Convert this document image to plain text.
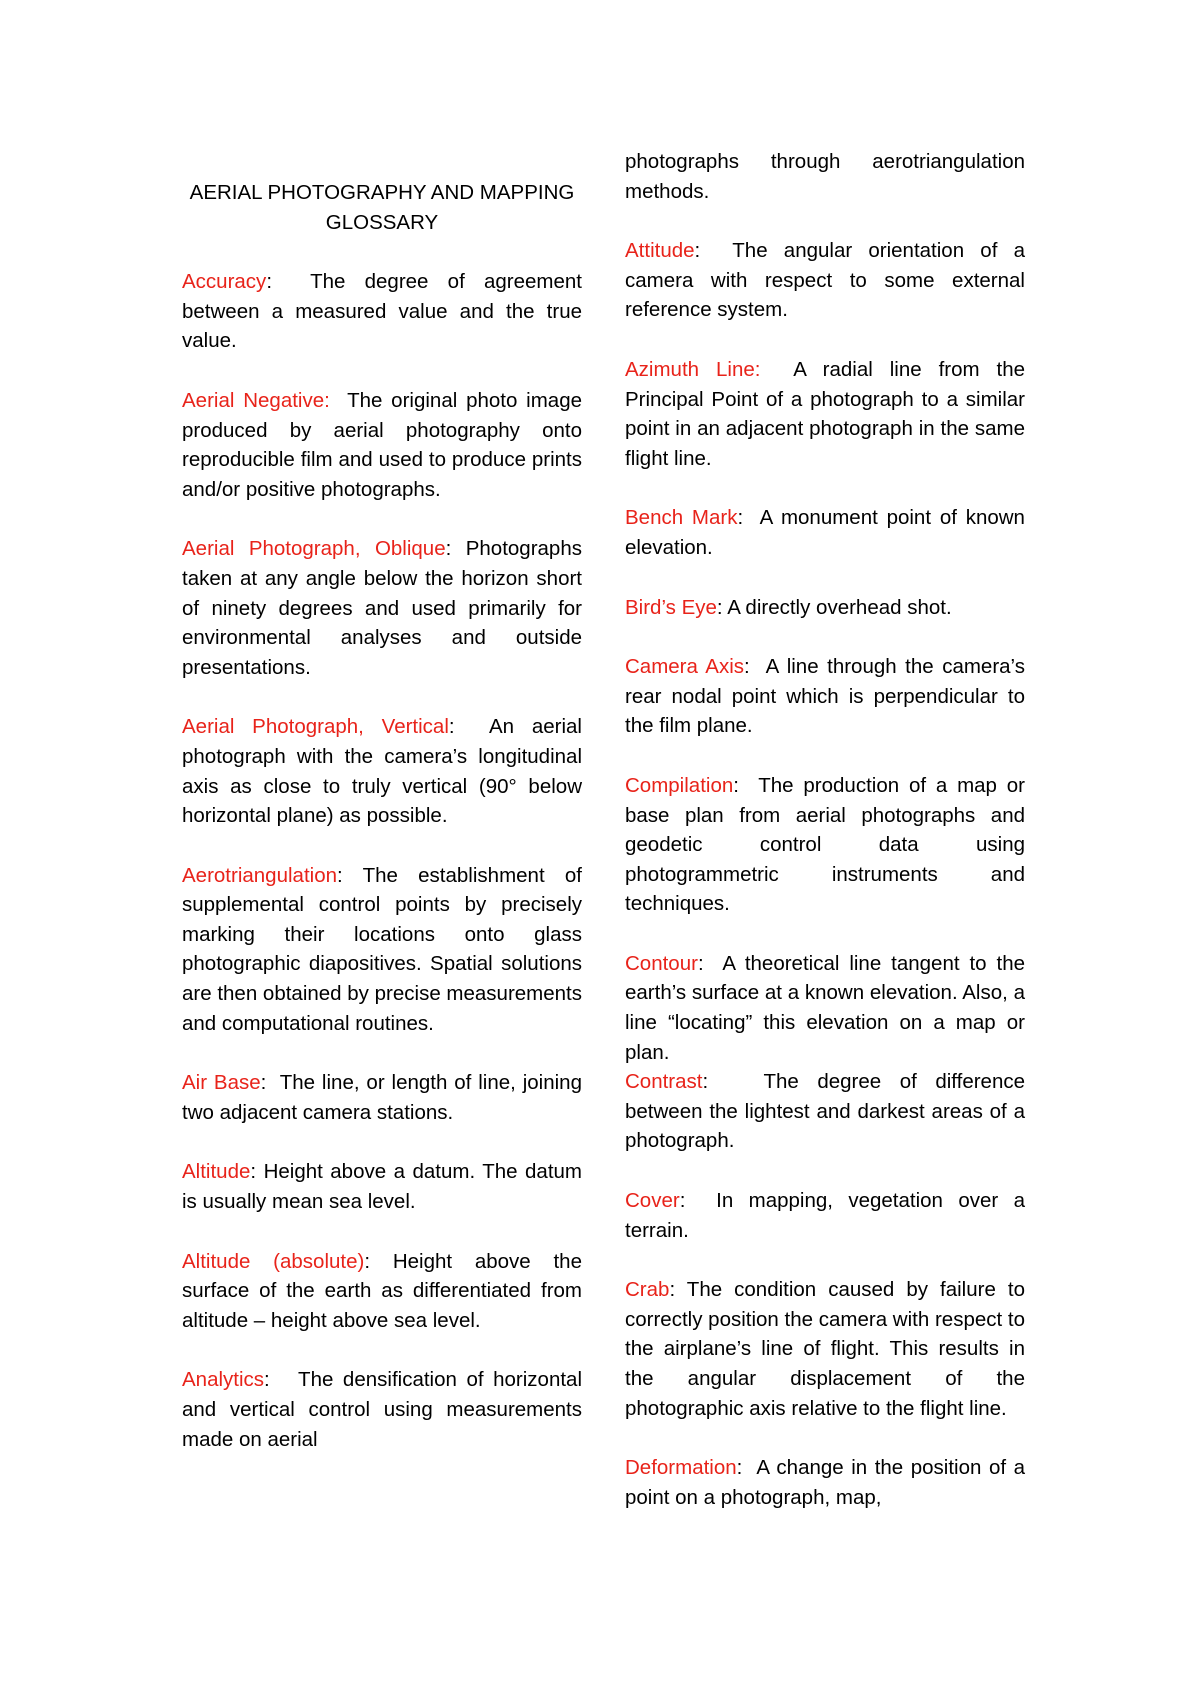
AERIAL PHOTOGRAPHY AND MAPPING
GLOSSARY
Accuracy:  The degree of agreement between a measured value and the true value.
Aerial Negative: The original photo image produced by aerial photography onto reproducible film and used to produce prints and/or positive photographs.
Aerial Photograph, Oblique: Photographs taken at any angle below the horizon short of ninety degrees and used primarily for environmental analyses and outside presentations.
Aerial Photograph, Vertical:  An aerial photograph with the camera’s longitudinal axis as close to truly vertical (90° below horizontal plane) as possible.
Aerotriangulation: The establishment of supplemental control points by precisely marking their locations onto glass photographic diapositives. Spatial solutions are then obtained by precise measurements and computational routines.
Air Base:  The line, or length of line, joining two adjacent camera stations.
Altitude: Height above a datum. The datum is usually mean sea level.
Altitude (absolute): Height above the surface of the earth as differentiated from altitude – height above sea level.
Analytics:   The densification of horizontal and vertical control using measurements made on aerial
photographs through aerotriangulation methods.
Attitude:  The angular orientation of a camera with respect to some external reference system.
Azimuth Line: A radial line from the Principal Point of a photograph to a similar point in an adjacent photograph in the same flight line.
Bench Mark:  A monument point of known elevation.
Bird’s Eye: A directly overhead shot.
Camera Axis:  A line through the camera’s rear nodal point which is perpendicular to the film plane.
Compilation:  The production of a map or base plan from aerial photographs and geodetic control data using photogrammetric instruments and techniques.
Contour:  A theoretical line tangent to the earth’s surface at a known elevation. Also, a line “locating” this elevation on a map or plan.
Contrast:   The degree of difference between the lightest and darkest areas of a photograph.
Cover:  In mapping, vegetation over a terrain.
Crab: The condition caused by failure to correctly position the camera with respect to the airplane’s line of flight. This results in the angular displacement of the photographic axis relative to the flight line.
Deformation:  A change in the position of a point on a photograph, map,
